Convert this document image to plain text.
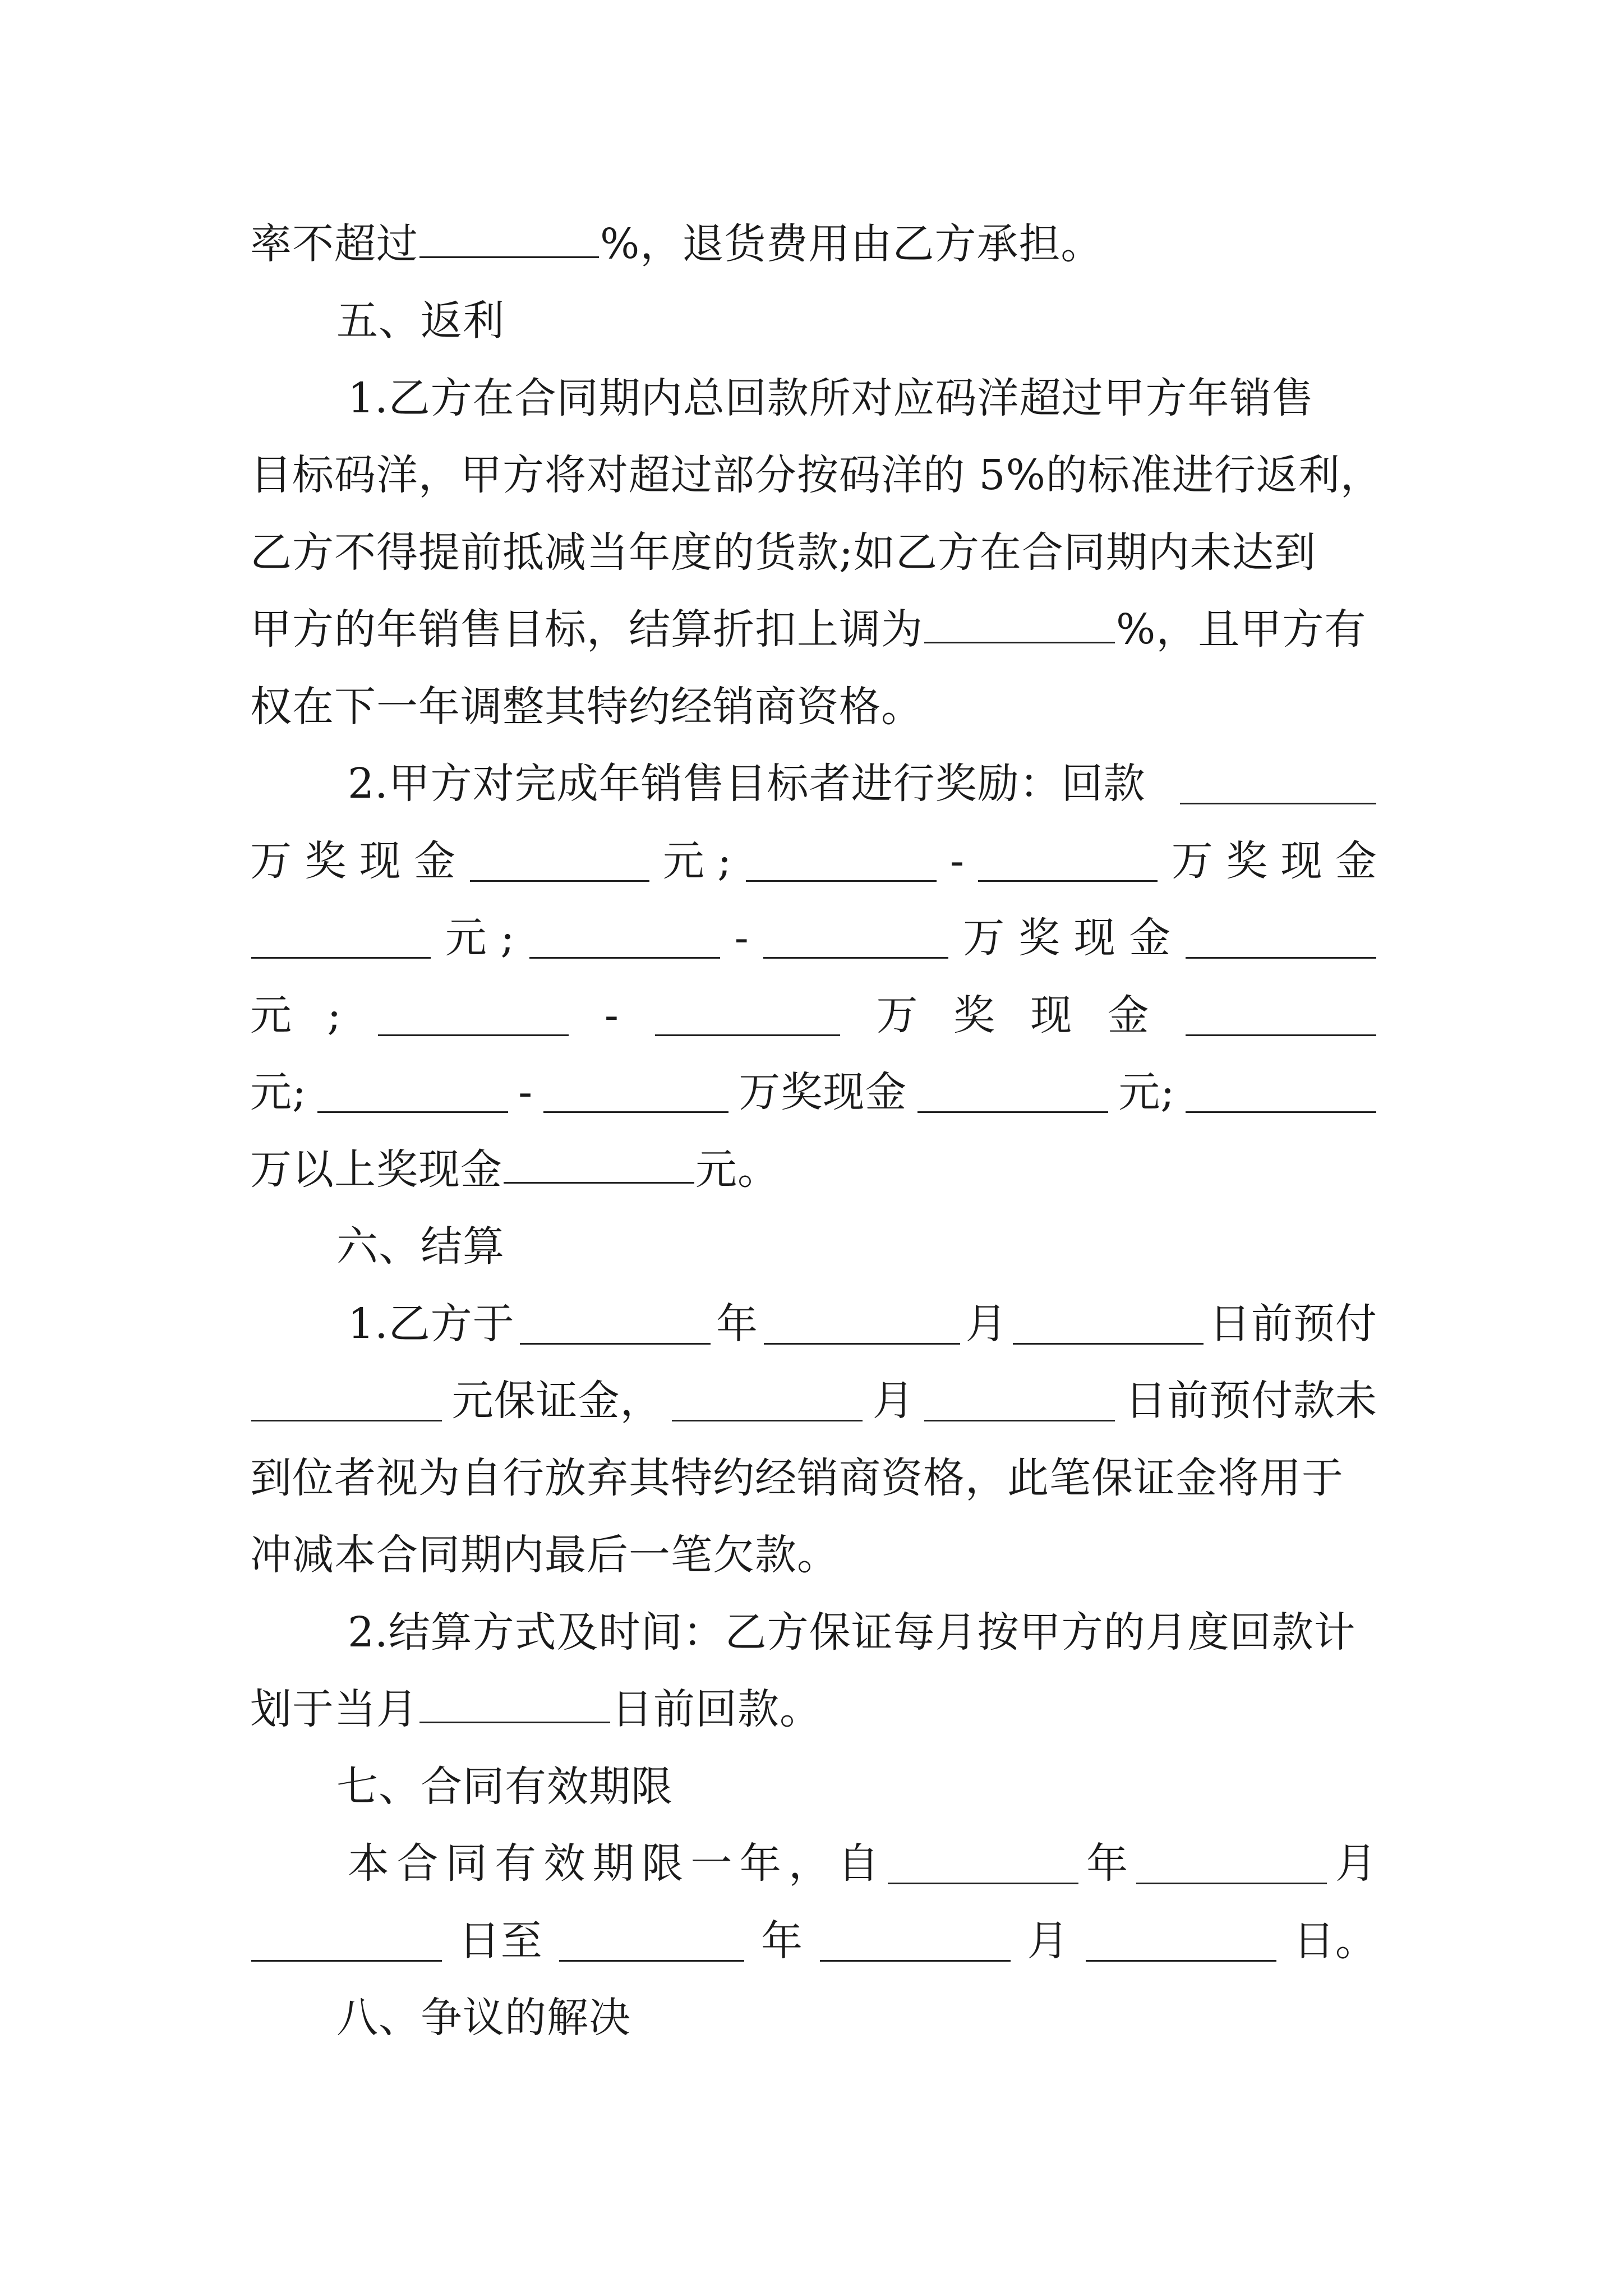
率不超过	%，退货费用由乙方承担。
五、返利
1.乙方在合同期内总回款所对应码洋超过甲方年销售
目标码洋，甲方将对超过部分按码洋的 5%的标准进行返利，
乙方不得提前抵减当年度的货款;如乙方在合同期内未达到
甲方的年销售目标，结算折扣上调为	%，且甲方有
权在下一年调整其特约经销商资格。
2.甲方对完成年销售目标者进行奖励：回款
万 奖 现 金	元 ;	-	万 奖 现 金
元 ;	-	万 奖 现 金
元 ;	-	万 奖 现 金
元;	-	万奖现金	元;
万以上奖现金	元。
六、结算
1.乙方于	年	月	日前预付
元保证金，	月	日前预付款未
到位者视为自行放弃其特约经销商资格，此笔保证金将用于
冲减本合同期内最后一笔欠款。
2.结算方式及时间：乙方保证每月按甲方的月度回款计
划于当月	日前回款。
七、合同有效期限
本 合 同 有 效 期 限 一 年 ， 自	年	月
日至	年	月	日。
八、争议的解决
